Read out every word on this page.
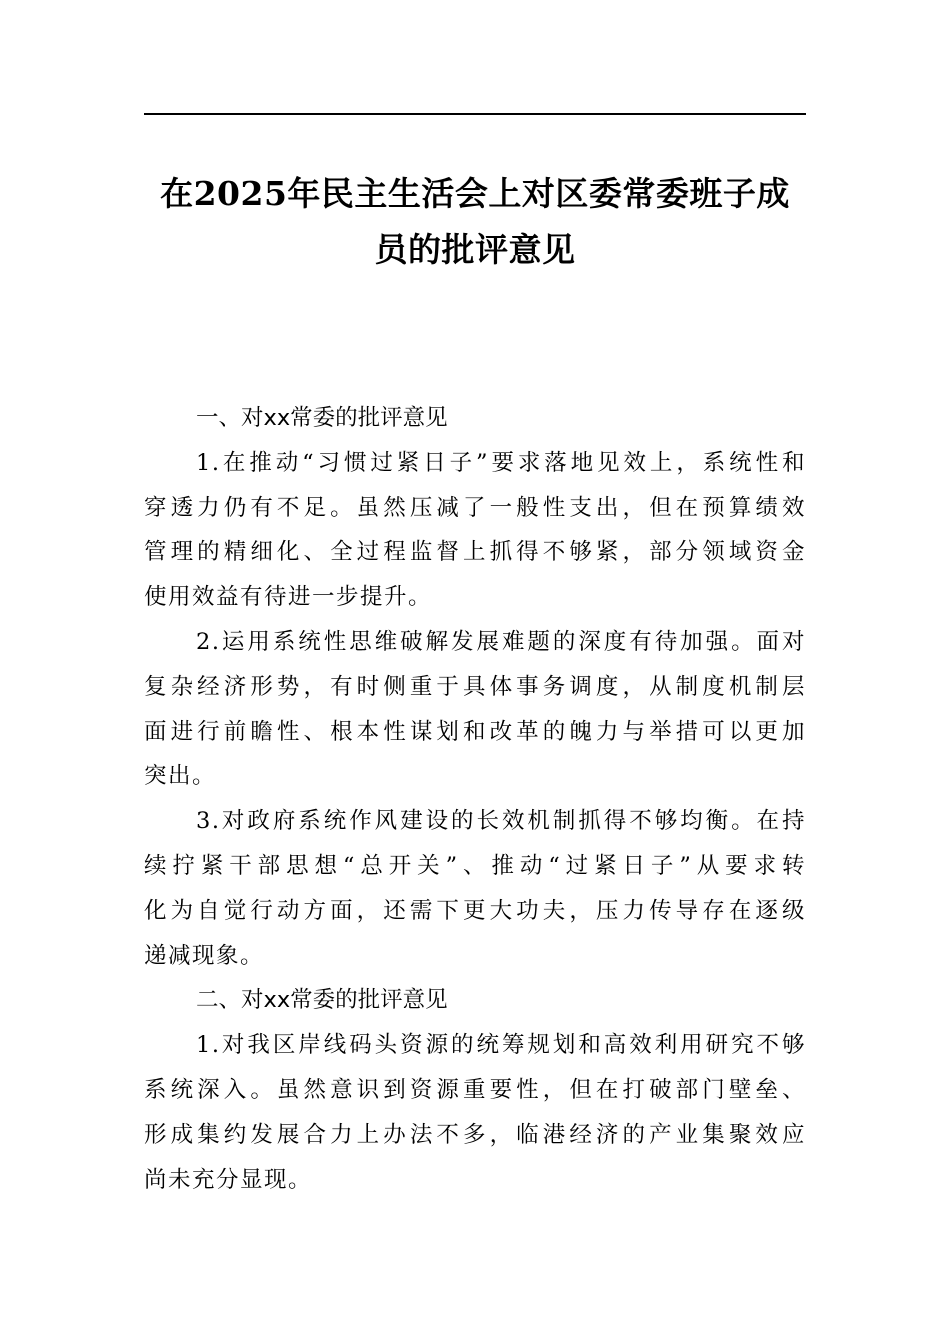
在2025年民主生活会上对区委常委班子成
员的批评意见
一、对xx常委的批评意见
1.在推动“习惯过紧日子”要求落地见效上，系统性和
穿透力仍有不足。虽然压减了一般性支出，但在预算绩效
管理的精细化、全过程监督上抓得不够紧，部分领域资金
使用效益有待进一步提升。
2.运用系统性思维破解发展难题的深度有待加强。面对
复杂经济形势，有时侧重于具体事务调度，从制度机制层
面进行前瞻性、根本性谋划和改革的魄力与举措可以更加
突出。
3.对政府系统作风建设的长效机制抓得不够均衡。在持
续拧紧干部思想“总开关”、推动“过紧日子”从要求转
化为自觉行动方面，还需下更大功夫，压力传导存在逐级
递减现象。
二、对xx常委的批评意见
1.对我区岸线码头资源的统筹规划和高效利用研究不够
系统深入。虽然意识到资源重要性，但在打破部门壁垒、
形成集约发展合力上办法不多，临港经济的产业集聚效应
尚未充分显现。
